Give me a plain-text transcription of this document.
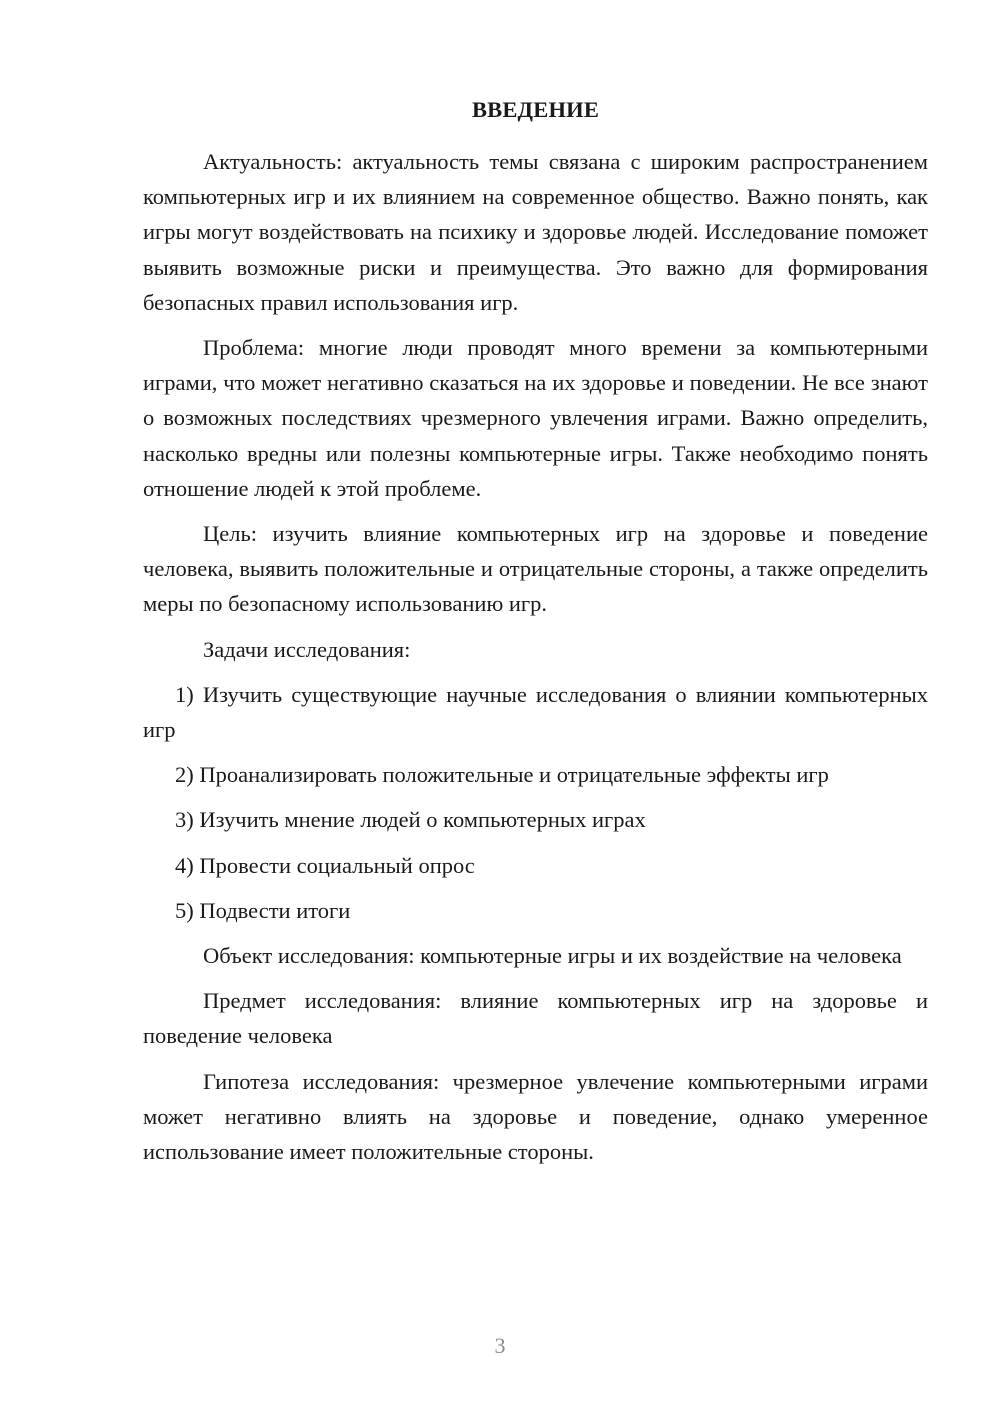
ВВЕДЕНИЕ

Актуальность: актуальность темы связана с широким распространением компьютерных игр и их влиянием на современное общество. Важно понять, как игры могут воздействовать на психику и здоровье людей. Исследование поможет выявить возможные риски и преимущества. Это важно для формирования безопасных правил использования игр.

Проблема: многие люди проводят много времени за компьютерными играми, что может негативно сказаться на их здоровье и поведении. Не все знают о возможных последствиях чрезмерного увлечения играми. Важно определить, насколько вредны или полезны компьютерные игры. Также необходимо понять отношение людей к этой проблеме.

Цель: изучить влияние компьютерных игр на здоровье и поведение человека, выявить положительные и отрицательные стороны, а также определить меры по безопасному использованию игр.

Задачи исследования:

1) Изучить существующие научные исследования о влиянии компьютерных игр
2) Проанализировать положительные и отрицательные эффекты игр
3) Изучить мнение людей о компьютерных играх
4) Провести социальный опрос
5) Подвести итоги

Объект исследования: компьютерные игры и их воздействие на человека

Предмет исследования: влияние компьютерных игр на здоровье и поведение человека

Гипотеза исследования: чрезмерное увлечение компьютерными играми может негативно влиять на здоровье и поведение, однако умеренное использование имеет положительные стороны.

3
